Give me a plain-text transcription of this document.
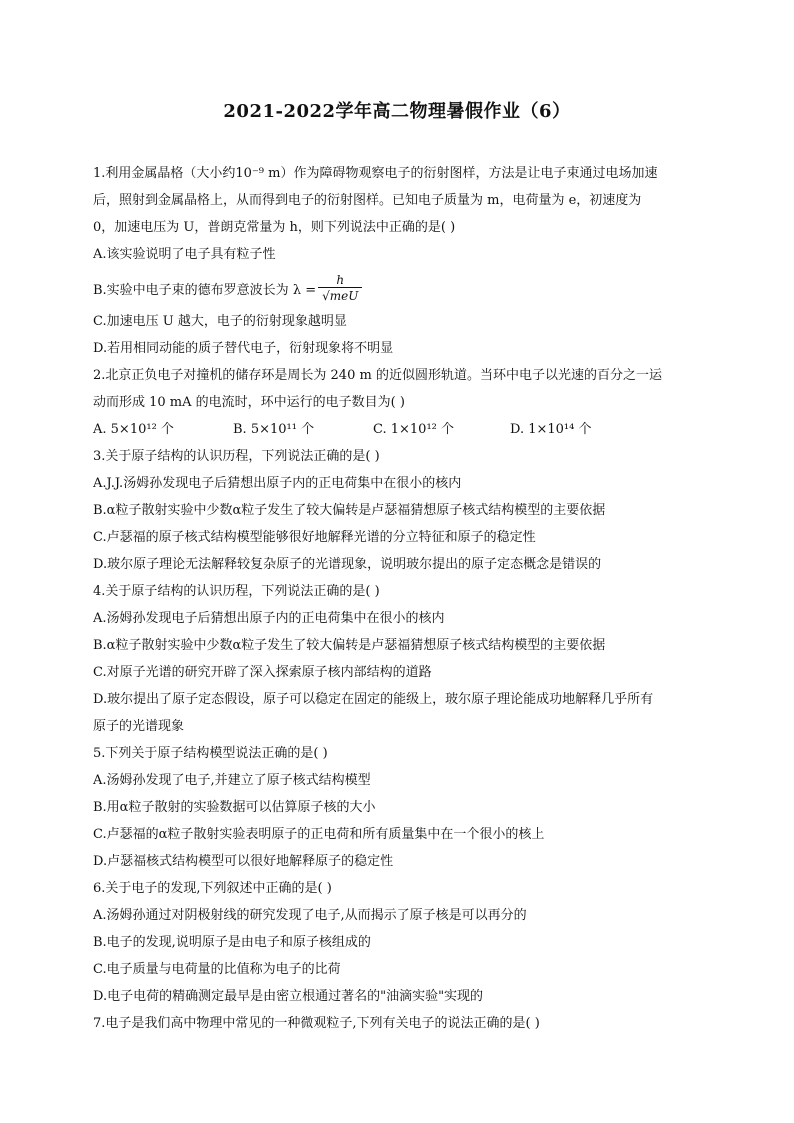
2021-2022学年高二物理暑假作业（6）
1.利用金属晶格（大小约10⁻⁹ m）作为障碍物观察电子的衍射图样，方法是让电子束通过电场加速
后，照射到金属晶格上，从而得到电子的衍射图样。已知电子质量为 m，电荷量为 e，初速度为
0，加速电压为 U，普朗克常量为 h，则下列说法中正确的是( )
A.该实验说明了电子具有粒子性
B.实验中电子束的德布罗意波长为 $\lambda = \frac{h}{\text{√meU}}$
C.加速电压 U 越大，电子的衍射现象越明显
D.若用相同动能的质子替代电子，衍射现象将不明显
2.北京正负电子对撞机的储存环是周长为 240 m 的近似圆形轨道。当环中电子以光速的百分之一运
动而形成 10 mA 的电流时，环中运行的电子数目为( )
A. 5×10¹² 个	B. 5×10¹¹ 个	C. 1×10¹² 个	D. 1×10¹⁴ 个
3.关于原子结构的认识历程，下列说法正确的是( )
A.J.J.汤姆孙发现电子后猜想出原子内的正电荷集中在很小的核内
B.α粒子散射实验中少数α粒子发生了较大偏转是卢瑟福猜想原子核式结构模型的主要依据
C.卢瑟福的原子核式结构模型能够很好地解释光谱的分立特征和原子的稳定性
D.玻尔原子理论无法解释较复杂原子的光谱现象，说明玻尔提出的原子定态概念是错误的
4.关于原子结构的认识历程，下列说法正确的是( )
A.汤姆孙发现电子后猜想出原子内的正电荷集中在很小的核内
B.α粒子散射实验中少数α粒子发生了较大偏转是卢瑟福猜想原子核式结构模型的主要依据
C.对原子光谱的研究开辟了深入探索原子核内部结构的道路
D.玻尔提出了原子定态假设，原子可以稳定在固定的能级上，玻尔原子理论能成功地解释几乎所有
原子的光谱现象
5.下列关于原子结构模型说法正确的是( )
A.汤姆孙发现了电子,并建立了原子核式结构模型
B.用α粒子散射的实验数据可以估算原子核的大小
C.卢瑟福的α粒子散射实验表明原子的正电荷和所有质量集中在一个很小的核上
D.卢瑟福核式结构模型可以很好地解释原子的稳定性
6.关于电子的发现,下列叙述中正确的是( )
A.汤姆孙通过对阴极射线的研究发现了电子,从而揭示了原子核是可以再分的
B.电子的发现,说明原子是由电子和原子核组成的
C.电子质量与电荷量的比值称为电子的比荷
D.电子电荷的精确测定最早是由密立根通过著名的"油滴实验"实现的
7.电子是我们高中物理中常见的一种微观粒子,下列有关电子的说法正确的是( )
